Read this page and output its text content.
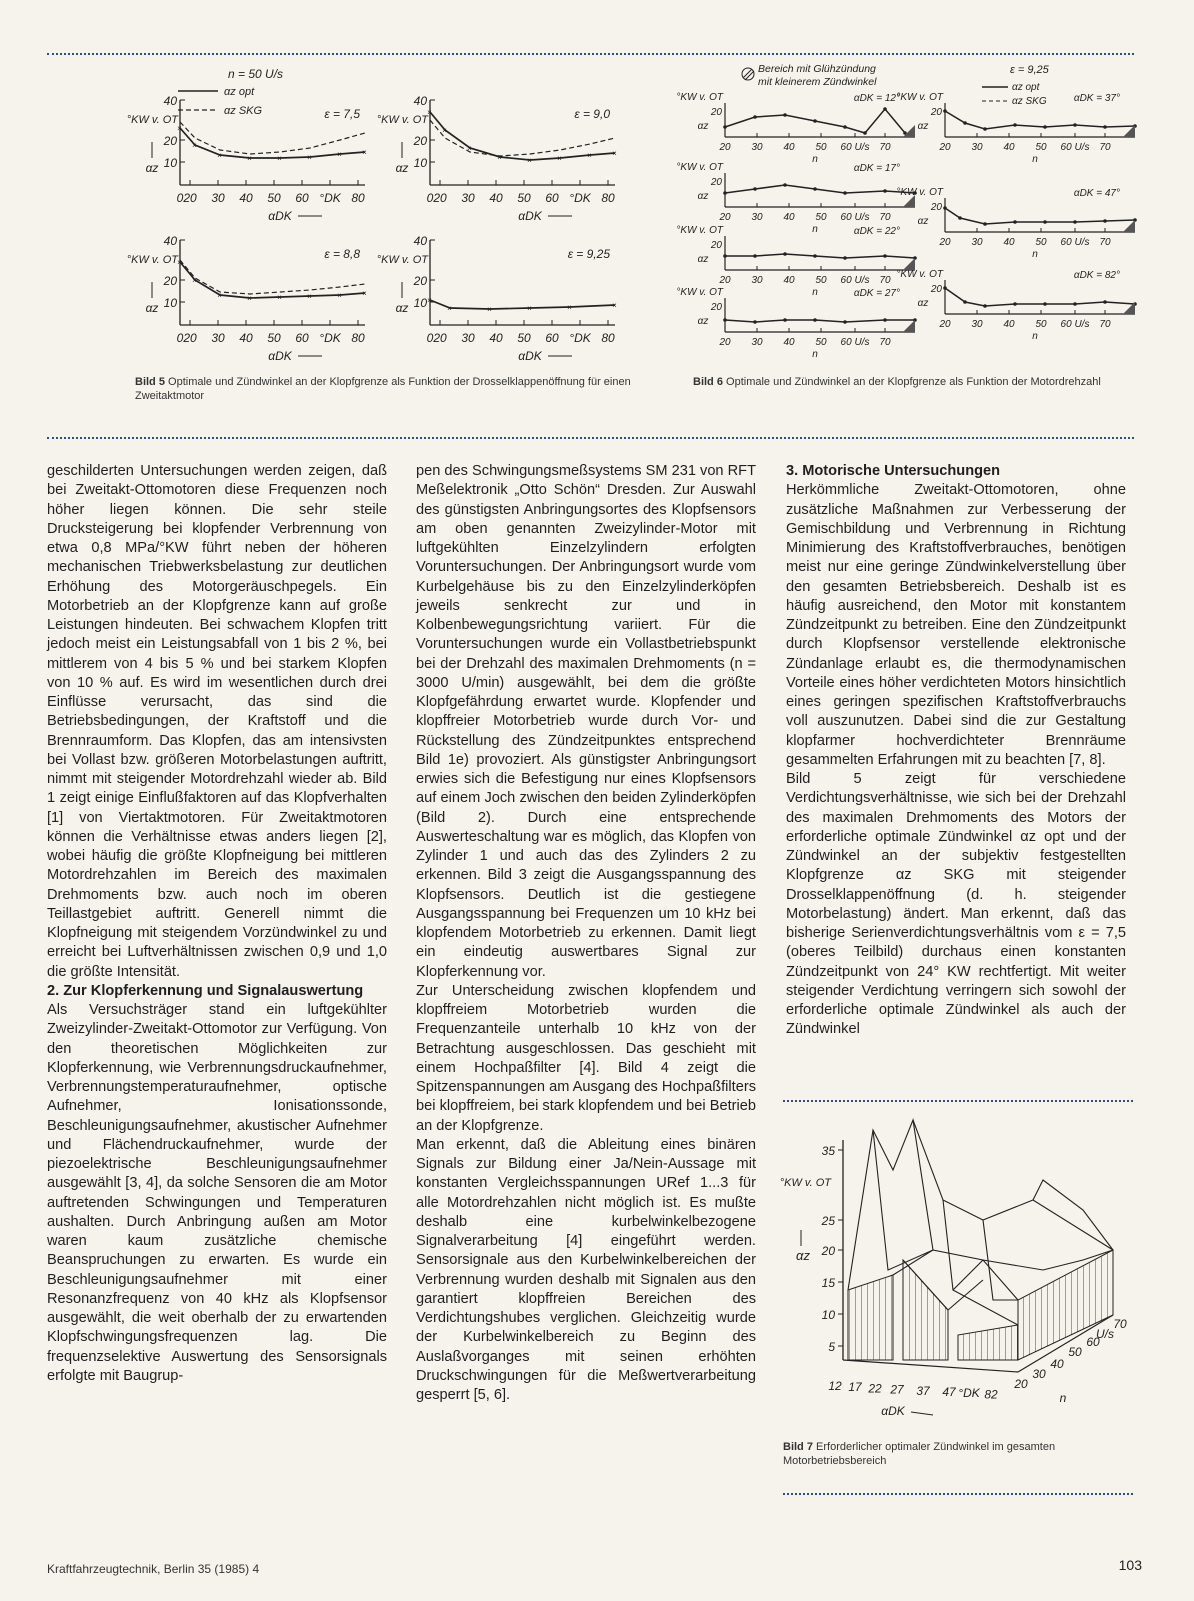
n = 50 U/s
αz opt
αz SKG
40
20
10
°KW v. OT
αz
0 20 30 40 50 60 °DK 80
αDK
ε = 7,5
×
×
×	×	×	×	×	×
40
20
10
°KW v. OT
αz
0 20 30 40 50 60 °DK 80
αDK
ε = 9,0
×
×
×
×	×	×	×	×
40
20
10
°KW v. OT
αz
0 20 30 40 50 60 °DK 80
αDK
ε = 8,8
×
×
×	×	×	×	×	×
40
20
10
°KW v. OT
αz
0 20 30 40 50 60 °DK 80
αDK
ε = 9,25
×
×	×	×	×	×
Bild 5 Optimale und Zündwinkel an der Klopfgrenze als Funktion der Drosselklappenöffnung für einen Zweitaktmotor
Bereich mit Glühzündung
mit kleinerem Zündwinkel
ε = 9,25
αz opt
αz SKG
20
°KW v. OT
αz
20 30 40 50 60 U/s 70
n
αDK = 12°
20
°KW v. OT
αz
20 30 40 50 60 U/s 70
n
αDK = 37°
20
°KW v. OT
αz
20 30 40 50 60 U/s 70
n
αDK = 17°
20
°KW v. OT
αz
20 30 40 50 60 U/s 70
n
αDK = 47°
20
°KW v. OT
αz
20 30 40 50 60 U/s 70
n
αDK = 22°
20
°KW v. OT
αz
20 30 40 50 60 U/s 70
n
αDK = 27°	20
°KW v. OT
αz
20 30 40 50 60 U/s 70
n
αDK = 82°
Bild 6 Optimale und Zündwinkel an der Klopfgrenze als Funktion der Motordrehzahl

geschilderten Untersuchungen werden zeigen, daß bei Zweitakt-Ottomotoren diese Frequenzen noch höher liegen können. Die sehr steile Drucksteigerung bei klopfender Verbrennung von etwa 0,8 MPa/°KW führt neben der höheren mechanischen Triebwerksbelastung zur deutlichen Erhöhung des Motorgeräuschpegels. Ein Motorbetrieb an der Klopfgrenze kann auf große Leistungen hindeuten. Bei schwachem Klopfen tritt jedoch meist ein Leistungsabfall von 1 bis 2 %, bei mittlerem von 4 bis 5 % und bei starkem Klopfen von 10 % auf. Es wird im wesentlichen durch drei Einflüsse verursacht, das sind die Betriebsbedingungen, der Kraftstoff und die Brennraumform. Das Klopfen, das am intensivsten bei Vollast bzw. größeren Motorbelastungen auftritt, nimmt mit steigender Motordrehzahl wieder ab. Bild 1 zeigt einige Einflußfaktoren auf das Klopfverhalten [1] von Viertaktmotoren. Für Zweitaktmotoren können die Verhältnisse etwas anders liegen [2], wobei häufig die größte Klopfneigung bei mittleren Motordrehzahlen im Bereich des maximalen Drehmoments bzw. auch noch im oberen Teillastgebiet auftritt. Generell nimmt die Klopfneigung mit steigendem Vorzündwinkel zu und erreicht bei Luftverhältnissen zwischen 0,9 und 1,0 die größte Intensität.

2. Zur Klopferkennung und Signalauswertung

Als Versuchsträger stand ein luftgekühlter Zweizylinder-Zweitakt-Ottomotor zur Verfügung. Von den theoretischen Möglichkeiten zur Klopferkennung, wie Verbrennungsdruckaufnehmer, Verbrennungstemperaturaufnehmer, optische Aufnehmer, Ionisationssonde, Beschleunigungsaufnehmer, akustischer Aufnehmer und Flächendruckaufnehmer, wurde der piezoelektrische Beschleunigungsaufnehmer ausgewählt [3, 4], da solche Sensoren die am Motor auftretenden Schwingungen und Temperaturen aushalten. Durch Anbringung außen am Motor waren kaum zusätzliche chemische Beanspruchungen zu erwarten. Es wurde ein Beschleunigungsaufnehmer mit einer Resonanzfrequenz von 40 kHz als Klopfsensor ausgewählt, die weit oberhalb der zu erwartenden Klopfschwingungsfrequenzen lag. Die frequenzselektive Auswertung des Sensorsignals erfolgte mit Baugrup-

pen des Schwingungsmeßsystems SM 231 von RFT Meßelektronik „Otto Schön“ Dresden. Zur Auswahl des günstigsten Anbringungsortes des Klopfsensors am oben genannten Zweizylinder-Motor mit luftgekühlten Einzelzylindern erfolgten Voruntersuchungen. Der Anbringungsort wurde vom Kurbelgehäuse bis zu den Einzelzylinderköpfen jeweils senkrecht zur und in Kolbenbewegungsrichtung variiert. Für die Voruntersuchungen wurde ein Vollastbetriebspunkt bei der Drehzahl des maximalen Drehmoments (n = 3000 U/min) ausgewählt, bei dem die größte Klopfgefährdung erwartet wurde. Klopfender und klopffreier Motorbetrieb wurde durch Vor- und Rückstellung des Zündzeitpunktes entsprechend Bild 1e) provoziert. Als günstigster Anbringungsort erwies sich die Befestigung nur eines Klopfsensors auf einem Joch zwischen den beiden Zylinderköpfen (Bild 2). Durch eine entsprechende Auswerteschaltung war es möglich, das Klopfen von Zylinder 1 und auch das des Zylinders 2 zu erkennen. Bild 3 zeigt die Ausgangsspannung des Klopfsensors. Deutlich ist die gestiegene Ausgangsspannung bei Frequenzen um 10 kHz bei klopfendem Motorbetrieb zu erkennen. Damit liegt ein eindeutig auswertbares Signal zur Klopferkennung vor.

Zur Unterscheidung zwischen klopfendem und klopffreiem Motorbetrieb wurden die Frequenzanteile unterhalb 10 kHz von der Betrachtung ausgeschlossen. Das geschieht mit einem Hochpaßfilter [4]. Bild 4 zeigt die Spitzenspannungen am Ausgang des Hochpaßfilters bei klopffreiem, bei stark klopfendem und bei Betrieb an der Klopfgrenze.

Man erkennt, daß die Ableitung eines binären Signals zur Bildung einer Ja/Nein-Aussage mit konstanten Vergleichsspannungen URef 1...3 für alle Motordrehzahlen nicht möglich ist. Es mußte deshalb eine kurbelwinkelbezogene Signalverarbeitung [4] eingeführt werden. Sensorsignale aus den Kurbelwinkelbereichen der Verbrennung wurden deshalb mit Signalen aus den garantiert klopffreien Bereichen des Verdichtungshubes verglichen. Gleichzeitig wurde der Kurbelwinkelbereich zu Beginn des Auslaßvorganges mit seinen erhöhten Druckschwingungen für die Meßwertverarbeitung gesperrt [5, 6].

3. Motorische Untersuchungen

Herkömmliche Zweitakt-Ottomotoren, ohne zusätzliche Maßnahmen zur Verbesserung der Gemischbildung und Verbrennung in Richtung Minimierung des Kraftstoffverbrauches, benötigen meist nur eine geringe Zündwinkelverstellung über den gesamten Betriebsbereich. Deshalb ist es häufig ausreichend, den Motor mit konstantem Zündzeitpunkt zu betreiben. Eine den Zündzeitpunkt durch Klopfsensor verstellende elektronische Zündanlage erlaubt es, die thermodynamischen Vorteile eines höher verdichteten Motors hinsichtlich eines geringen spezifischen Kraftstoffverbrauchs voll auszunutzen. Dabei sind die zur Gestaltung klopfarmer hochverdichteter Brennräume gesammelten Erfahrungen mit zu beachten [7, 8].

Bild 5 zeigt für verschiedene Verdichtungsverhältnisse, wie sich bei der Drehzahl des maximalen Drehmoments des Motors der erforderliche optimale Zündwinkel αz opt und der Zündwinkel an der subjektiv festgestellten Klopfgrenze αz SKG mit steigender Drosselklappenöffnung (d. h. steigender Motorbelastung) ändert. Man erkennt, daß das bisherige Serienverdichtungsverhältnis vom ε = 7,5 (oberes Teilbild) durchaus einen konstanten Zündzeitpunkt von 24° KW rechtfertigt. Mit weiter steigender Verdichtung verringern sich sowohl der erforderliche optimale Zündwinkel als auch der Zündwinkel

35
25
20
15
10
5
°KW v. OT
αz
12 17 22 27 37 47 °DK 82
αDK
20
30
40
50
60
U/s
70
n
Bild 7 Erforderlicher optimaler Zündwinkel im gesamten Motorbetriebsbereich
Kraftfahrzeugtechnik, Berlin 35 (1985) 4	103
